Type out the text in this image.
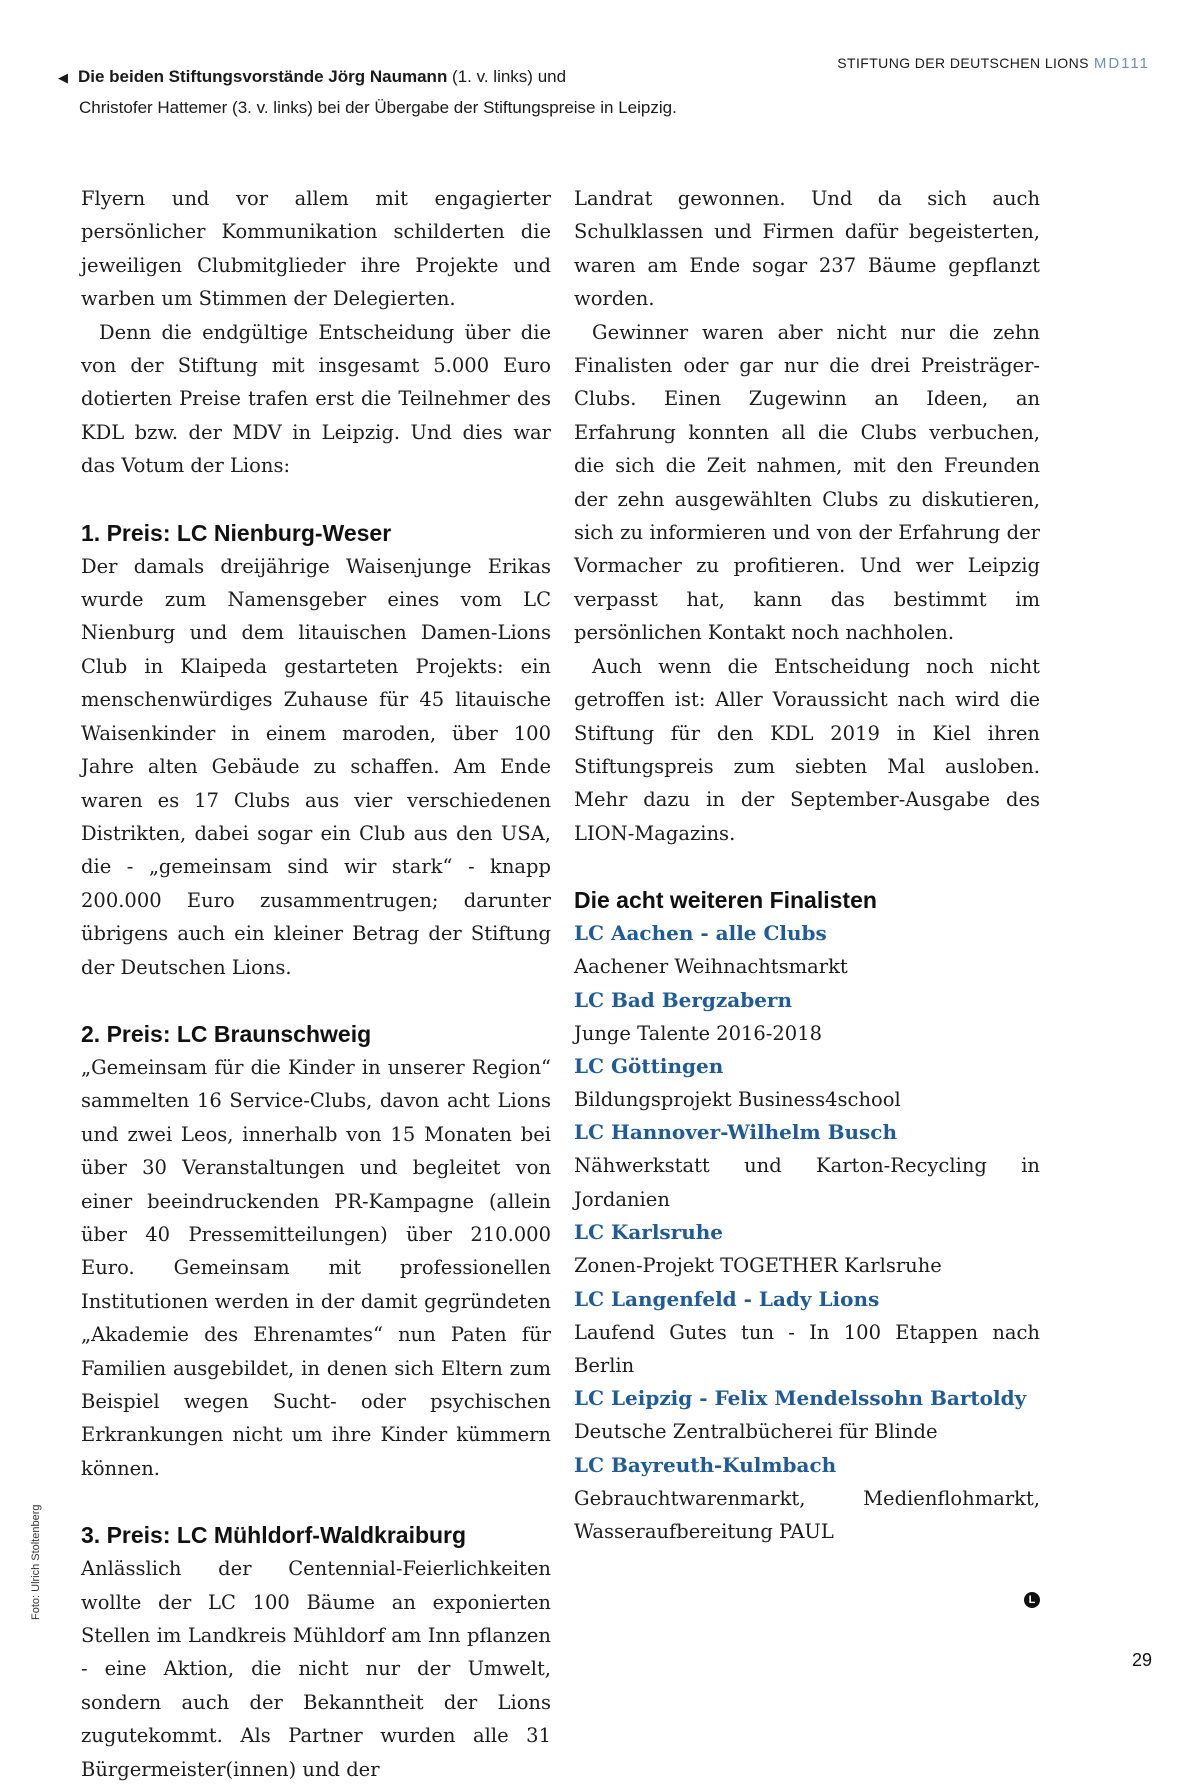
◀ Die beiden Stiftungsvorstände Jörg Naumann (1. v. links) und
Christofer Hattemer (3. v. links) bei der Übergabe der Stiftungspreise in Leipzig.
STIFTUNG DER DEUTSCHEN LIONS MD111

Flyern und vor allem mit engagierter persönlicher Kommunikation schilderten die jeweiligen Clubmitglieder ihre Projekte und warben um Stimmen der Delegierten.

Denn die endgültige Entscheidung über die von der Stiftung mit insgesamt 5.000 Euro dotierten Preise trafen erst die Teilnehmer des KDL bzw. der MDV in Leipzig. Und dies war das Votum der Lions:

1. Preis: LC Nienburg-Weser

Der damals dreijährige Waisenjunge Erikas wurde zum Namensgeber eines vom LC Nienburg und dem litauischen Damen-Lions Club in Klaipeda gestarteten Projekts: ein menschenwürdiges Zuhause für 45 litauische Waisenkinder in einem maroden, über 100 Jahre alten Gebäude zu schaffen. Am Ende waren es 17 Clubs aus vier verschiedenen Distrikten, dabei sogar ein Club aus den USA, die - „gemeinsam sind wir stark“ - knapp 200.000 Euro zusammentrugen; darunter übrigens auch ein kleiner Betrag der Stiftung der Deutschen Lions.

2. Preis: LC Braunschweig

„Gemeinsam für die Kinder in unserer Region“ sammelten 16 Service-Clubs, davon acht Lions und zwei Leos, innerhalb von 15 Monaten bei über 30 Veranstaltungen und begleitet von einer beeindruckenden PR-Kampagne (allein über 40 Pressemitteilungen) über 210.000 Euro. Gemeinsam mit professionellen Institutionen werden in der damit gegründeten „Akademie des Ehrenamtes“ nun Paten für Familien ausgebildet, in denen sich Eltern zum Beispiel wegen Sucht- oder psychischen Erkrankungen nicht um ihre Kinder kümmern können.

3. Preis: LC Mühldorf-Waldkraiburg

Anlässlich der Centennial-Feierlichkeiten wollte der LC 100 Bäume an exponierten Stellen im Landkreis Mühldorf am Inn pflanzen - eine Aktion, die nicht nur der Umwelt, sondern auch der Bekanntheit der Lions zugutekommt. Als Partner wurden alle 31 Bürgermeister(innen) und der

Landrat gewonnen. Und da sich auch Schulklassen und Firmen dafür begeisterten, waren am Ende sogar 237 Bäume gepflanzt worden.

Gewinner waren aber nicht nur die zehn Finalisten oder gar nur die drei Preisträger-Clubs. Einen Zugewinn an Ideen, an Erfahrung konnten all die Clubs verbuchen, die sich die Zeit nahmen, mit den Freunden der zehn ausgewählten Clubs zu diskutieren, sich zu informieren und von der Erfahrung der Vormacher zu profitieren. Und wer Leipzig verpasst hat, kann das bestimmt im persönlichen Kontakt noch nachholen.

Auch wenn die Entscheidung noch nicht getroffen ist: Aller Voraussicht nach wird die Stiftung für den KDL 2019 in Kiel ihren Stiftungspreis zum siebten Mal ausloben. Mehr dazu in der September-Ausgabe des LION-Magazins.

Die acht weiteren Finalisten

LC Aachen - alle Clubs

Aachener Weihnachtsmarkt

LC Bad Bergzabern

Junge Talente 2016-2018

LC Göttingen

Bildungsprojekt Business4school

LC Hannover-Wilhelm Busch

Nähwerkstatt und Karton-Recycling in Jordanien

LC Karlsruhe

Zonen-Projekt TOGETHER Karlsruhe

LC Langenfeld - Lady Lions

Laufend Gutes tun - In 100 Etappen nach Berlin

LC Leipzig - Felix Mendelssohn Bartoldy

Deutsche Zentralbücherei für Blinde

LC Bayreuth-Kulmbach

Gebrauchtwarenmarkt, Medienflohmarkt, Wasseraufbereitung PAUL

L
Foto: Ulrich Stoltenberg
29
